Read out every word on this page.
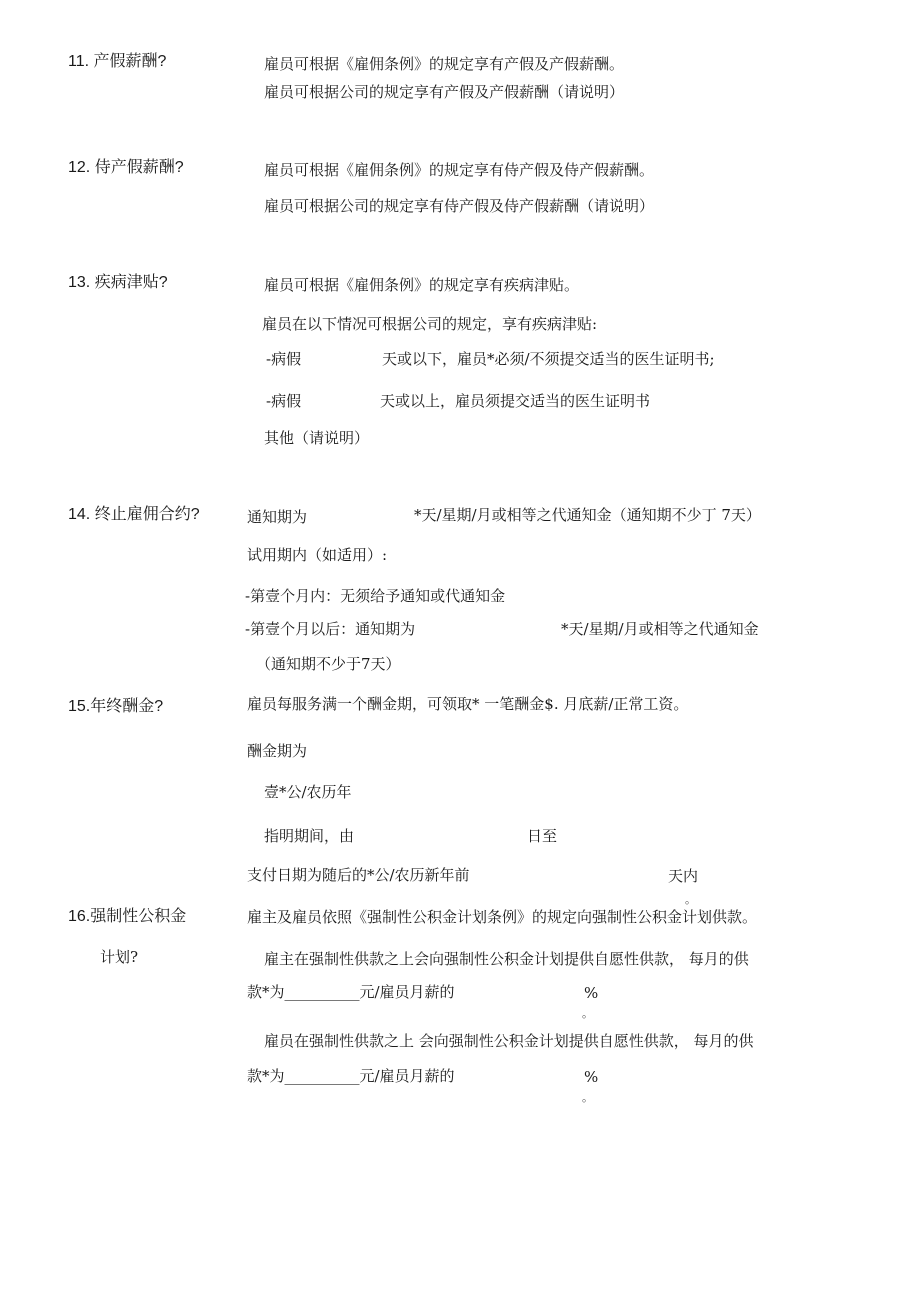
11. 产假薪酬?	雇员可根据《雇佣条例》的规定享有产假及产假薪酬。
雇员可根据公司的规定享有产假及产假薪酬（请说明）
12. 侍产假薪酬?	雇员可根据《雇佣条例》的规定享有侍产假及侍产假薪酬。
雇员可根据公司的规定享有侍产假及侍产假薪酬（请说明）
13. 疾病津贴?	雇员可根据《雇佣条例》的规定享有疾病津贴。
雇员在以下情况可根据公司的规定，享有疾病津贴:
-病假	天或以下，雇员*必须/不须提交适当的医生证明书;
-病假	天或以上，雇员须提交适当的医生证明书
其他（请说明）
14. 终止雇佣合约?	通知期为	*天/星期/月或相等之代通知金（通知期不少丁 7天）
试用期内（如适用）:
-第壹个月内：无须给予通知或代通知金
-第壹个月以后：通知期为	*天/星期/月或相等之代通知金
（通知期不少于7天）
15.年终酬金?	雇员每服务满一个酬金期，可领取* 一笔酬金$. 月底薪/正常工资。
酬金期为
壹*公/农历年
指明期间，由	日至
支付日期为随后的*公/农历新年前	天内
。
16.强制性公积金
计划?
雇主及雇员依照《强制性公积金计划条例》的规定向强制性公积金计划供款。
雇主在强制性供款之上会向强制性公积金计划提供自愿性供款， 每月的供
款*为__________元/雇员月薪的	%
。
雇员在强制性供款之上 会向强制性公积金计划提供自愿性供款， 每月的供
款*为__________元/雇员月薪的	%
。
